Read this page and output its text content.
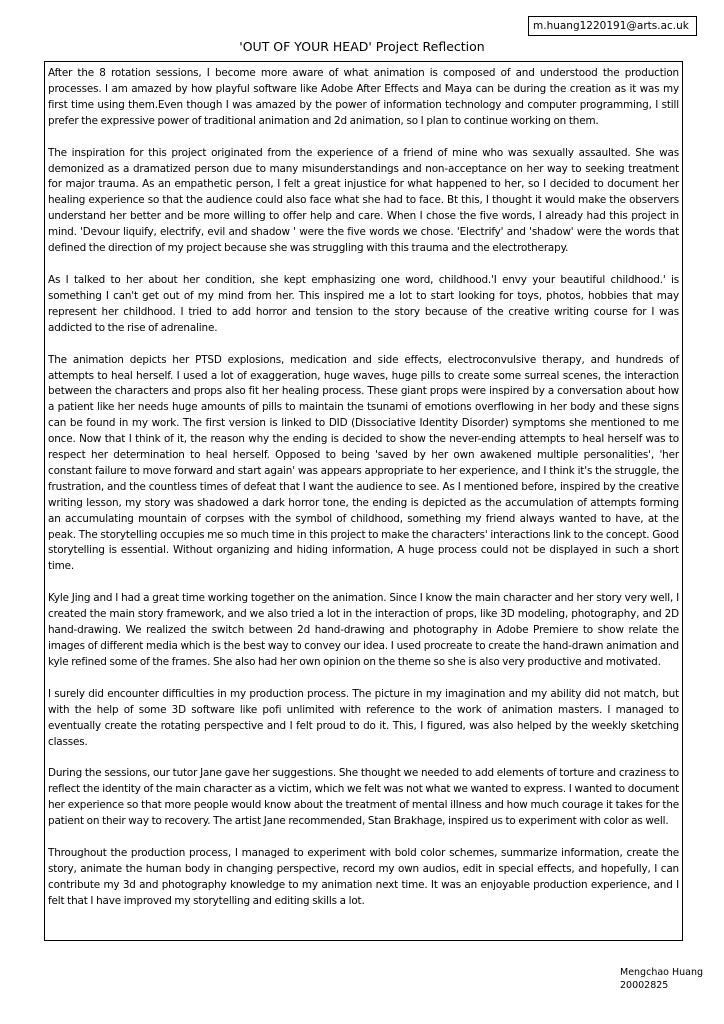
m.huang1220191@arts.ac.uk
'OUT OF YOUR HEAD' Project Reflection

After the 8 rotation sessions, I become more aware of what animation is composed of and understood the production processes. I am amazed by how playful software like Adobe After Effects and Maya can be during the creation as it was my first time using them.Even though I was amazed by the power of information technology and computer programming, I still prefer the expressive power of traditional animation and 2d animation, so I plan to continue working on them.

The inspiration for this project originated from the experience of a friend of mine who was sexually assaulted. She was demonized as a dramatized person due to many misunderstandings and non-acceptance on her way to seeking treatment for major trauma. As an empathetic person, I felt a great injustice for what happened to her, so I decided to document her healing experience so that the audience could also face what she had to face. Bt this, I thought it would make the observers understand her better and be more willing to offer help and care. When I chose the five words, I already had this project in mind. 'Devour liquify, electrify, evil and shadow ' were the five words we chose. 'Electrify' and 'shadow' were the words that defined the direction of my project because she was struggling with this trauma and the electrotherapy.

As I talked to her about her condition, she kept emphasizing one word, childhood.'I envy your beautiful childhood.' is something I can't get out of my mind from her. This inspired me a lot to start looking for toys, photos, hobbies that may represent her childhood. I tried to add horror and tension to the story because of the creative writing course for I was addicted to the rise of adrenaline.

The animation depicts her PTSD explosions, medication and side effects, electroconvulsive therapy, and hundreds of attempts to heal herself. I used a lot of exaggeration, huge waves, huge pills to create some surreal scenes, the interaction between the characters and props also fit her healing process. These giant props were inspired by a conversation about how a patient like her needs huge amounts of pills to maintain the tsunami of emotions overflowing in her body and these signs can be found in my work. The first version is linked to DID (Dissociative Identity Disorder) symptoms she mentioned to me once. Now that I think of it, the reason why the ending is decided to show the never-ending attempts to heal herself was to respect her determination to heal herself. Opposed to being 'saved by her own awakened multiple personalities', 'her constant failure to move forward and start again' was appears appropriate to her experience, and I think it's the struggle, the frustration, and the countless times of defeat that I want the audience to see. As I mentioned before, inspired by the creative writing lesson, my story was shadowed a dark horror tone, the ending is depicted as the accumulation of attempts forming an accumulating mountain of corpses with the symbol of childhood, something my friend always wanted to have, at the peak. The storytelling occupies me so much time in this project to make the characters' interactions link to the concept. Good storytelling is essential. Without organizing and hiding information, A huge process could not be displayed in such a short time.

Kyle Jing and I had a great time working together on the animation. Since I know the main character and her story very well, I created the main story framework, and we also tried a lot in the interaction of props, like 3D modeling, photography, and 2D hand-drawing. We realized the switch between 2d hand-drawing and photography in Adobe Premiere to show relate the images of different media which is the best way to convey our idea. I used procreate to create the hand-drawn animation and kyle refined some of the frames. She also had her own opinion on the theme so she is also very productive and motivated.

I surely did encounter difficulties in my production process. The picture in my imagination and my ability did not match, but with the help of some 3D software like pofi unlimited with reference to the work of animation masters. I managed to eventually create the rotating perspective and I felt proud to do it. This, I figured, was also helped by the weekly sketching classes.

During the sessions, our tutor Jane gave her suggestions. She thought we needed to add elements of torture and craziness to reflect the identity of the main character as a victim, which we felt was not what we wanted to express. I wanted to document her experience so that more people would know about the treatment of mental illness and how much courage it takes for the patient on their way to recovery. The artist Jane recommended, Stan Brakhage, inspired us to experiment with color as well.

Throughout the production process, I managed to experiment with bold color schemes, summarize information, create the story, animate the human body in changing perspective, record my own audios, edit in special effects, and hopefully, I can contribute my 3d and photography knowledge to my animation next time. It was an enjoyable production experience, and I felt that I have improved my storytelling and editing skills a lot.

Mengchao Huang
20002825
